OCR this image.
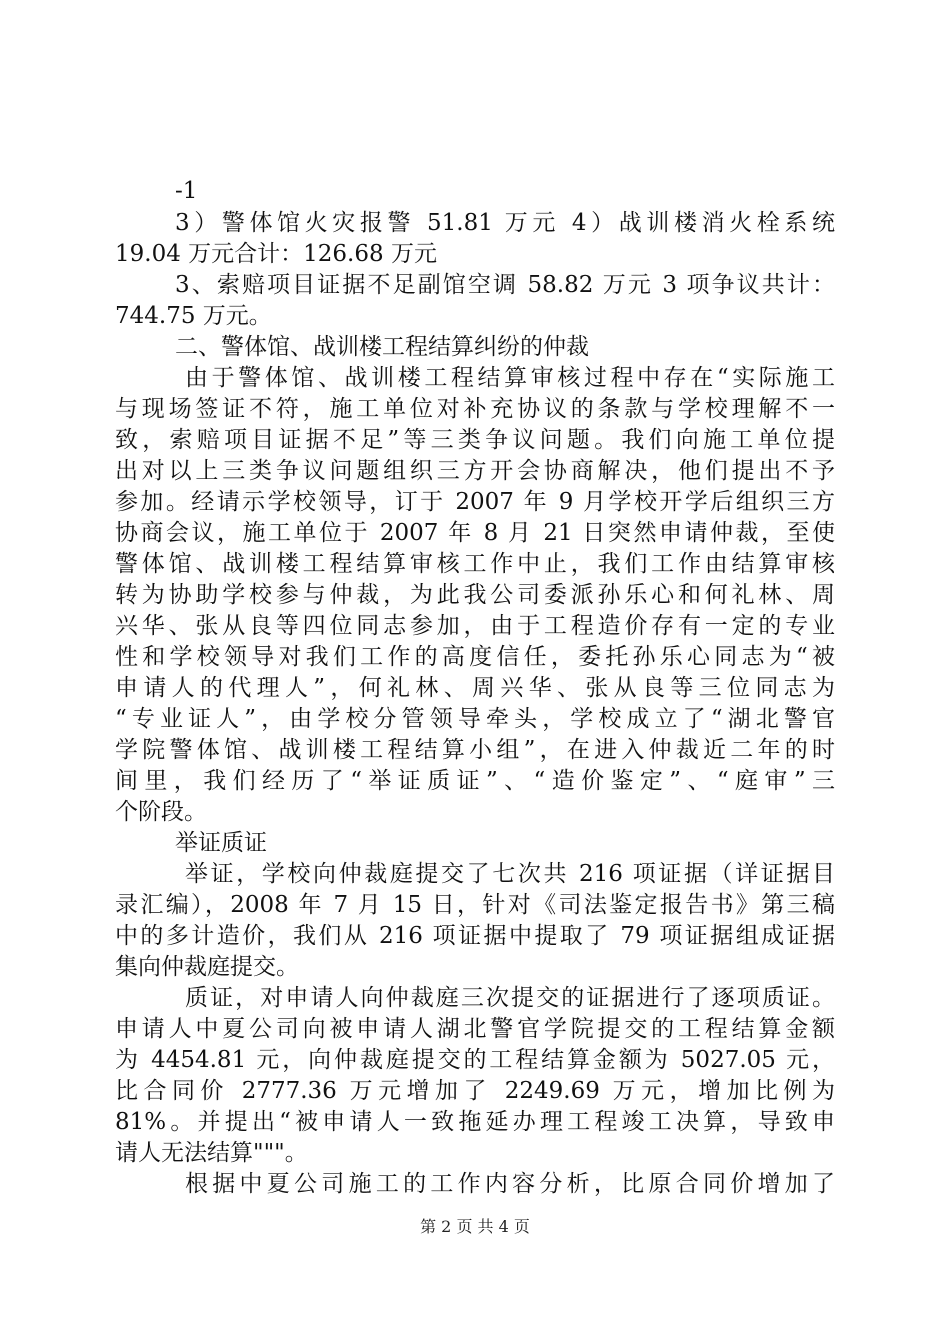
-1
3）警体馆火灾报警 51.81 万元 4）战训楼消火栓系统
19.04 万元合计：126.68 万元
3、索赔项目证据不足副馆空调 58.82 万元 3 项争议共计：
744.75 万元。
二、警体馆、战训楼工程结算纠纷的仲裁
由于警体馆、战训楼工程结算审核过程中存在“实际施工
与现场签证不符，施工单位对补充协议的条款与学校理解不一
致，索赔项目证据不足”等三类争议问题。我们向施工单位提
出对以上三类争议问题组织三方开会协商解决，他们提出不予
参加。经请示学校领导，订于 2007 年 9 月学校开学后组织三方
协商会议，施工单位于 2007 年 8 月 21 日突然申请仲裁，至使
警体馆、战训楼工程结算审核工作中止，我们工作由结算审核
转为协助学校参与仲裁，为此我公司委派孙乐心和何礼林、周
兴华、张从良等四位同志参加，由于工程造价存有一定的专业
性和学校领导对我们工作的高度信任，委托孙乐心同志为“被
申请人的代理人”，何礼林、周兴华、张从良等三位同志为
“专业证人”，由学校分管领导牵头，学校成立了“湖北警官
学院警体馆、战训楼工程结算小组”，在进入仲裁近二年的时
间里，我们经历了“举证质证”、“造价鉴定”、“庭审”三
个阶段。
举证质证
举证，学校向仲裁庭提交了七次共 216 项证据（详证据目
录汇编），2008 年 7 月 15 日，针对《司法鉴定报告书》第三稿
中的多计造价，我们从 216 项证据中提取了 79 项证据组成证据
集向仲裁庭提交。
质证，对申请人向仲裁庭三次提交的证据进行了逐项质证。
申请人中夏公司向被申请人湖北警官学院提交的工程结算金额
为 4454.81 元，向仲裁庭提交的工程结算金额为 5027.05 元，
比合同价 2777.36 万元增加了 2249.69 万元，增加比例为
81%。并提出“被申请人一致拖延办理工程竣工决算，导致申
请人无法结算"""。
根据中夏公司施工的工作内容分析，比原合同价增加了
第 2 页 共 4 页
